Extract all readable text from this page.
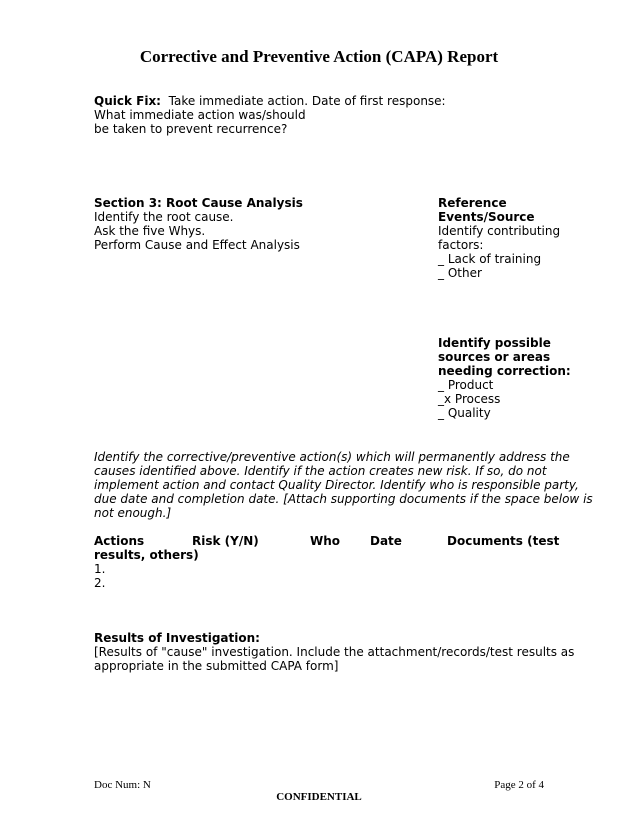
Corrective and Preventive Action (CAPA) Report
Quick Fix: Take immediate action. Date of first response:
What immediate action was/should
be taken to prevent recurrence?
Section 3: Root Cause Analysis
Identify the root cause.
Ask the five Whys.
Perform Cause and Effect Analysis
Reference
Events/Source
Identify contributing
factors:
_ Lack of training
_ Other
Identify possible
sources or areas
needing correction:
_ Product
_x Process
_ Quality
Identify the corrective/preventive action(s) which will permanently address the
causes identified above. Identify if the action creates new risk. If so, do not
implement action and contact Quality Director. Identify who is responsible party,
due date and completion date. [Attach supporting documents if the space below is
not enough.]
Actions	Risk (Y/N)	Who Date	Documents (test
results, others)
1.
2.
Results of Investigation:
[Results of "cause" investigation. Include the attachment/records/test results as
appropriate in the submitted CAPA form]
Doc Num: N	Page 2 of 4
CONFIDENTIAL
